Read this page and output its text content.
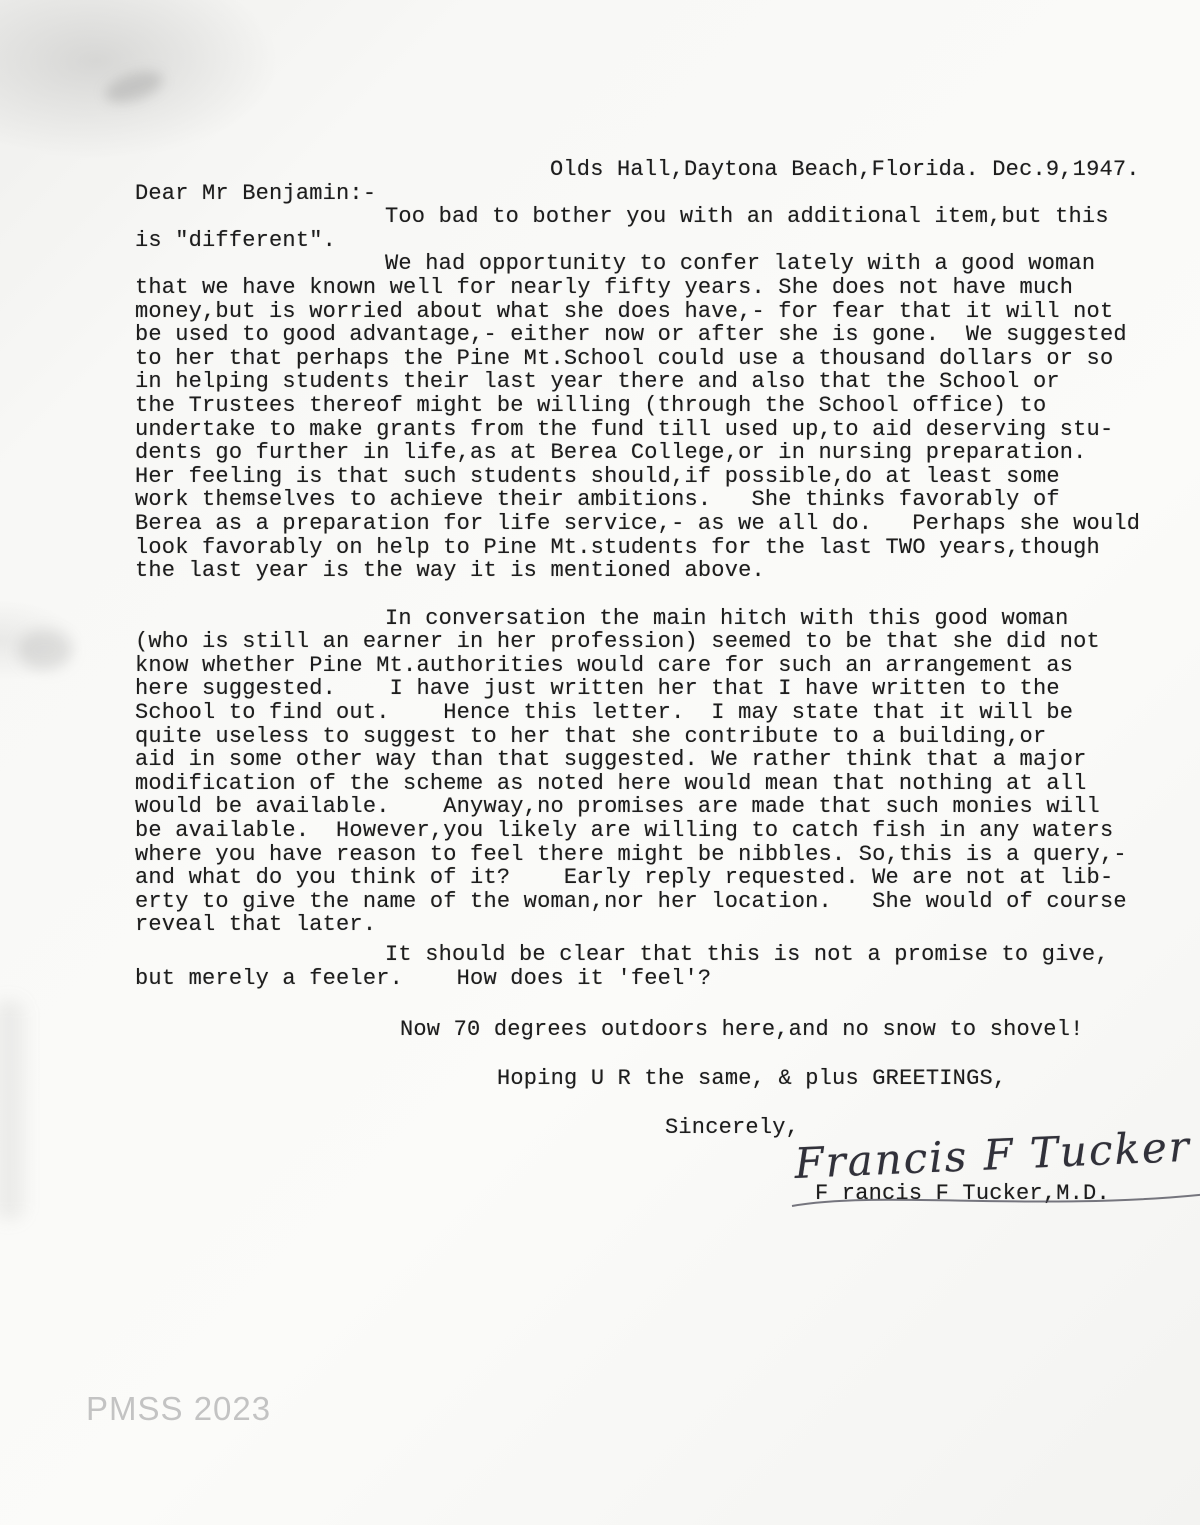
Olds Hall,Daytona Beach,Florida. Dec.9,1947.
Dear Mr Benjamin:-
Too bad to bother you with an additional item,but this
is "different".
We had opportunity to confer lately with a good woman
that we have known well for nearly fifty years. She does not have much
money,but is worried about what she does have,- for fear that it will not
be used to good advantage,- either now or after she is gone.  We suggested
to her that perhaps the Pine Mt.School could use a thousand dollars or so
in helping students their last year there and also that the School or
the Trustees thereof might be willing (through the School office) to
undertake to make grants from the fund till used up,to aid deserving stu-
dents go further in life,as at Berea College,or in nursing preparation.
Her feeling is that such students should,if possible,do at least some
work themselves to achieve their ambitions.   She thinks favorably of
Berea as a preparation for life service,- as we all do.   Perhaps she would
look favorably on help to Pine Mt.students for the last TWO years,though
the last year is the way it is mentioned above.
In conversation the main hitch with this good woman
(who is still an earner in her profession) seemed to be that she did not
know whether Pine Mt.authorities would care for such an arrangement as
here suggested.    I have just written her that I have written to the
School to find out.    Hence this letter.  I may state that it will be
quite useless to suggest to her that she contribute to a building,or
aid in some other way than that suggested. We rather think that a major
modification of the scheme as noted here would mean that nothing at all
would be available.    Anyway,no promises are made that such monies will
be available.  However,you likely are willing to catch fish in any waters
where you have reason to feel there might be nibbles. So,this is a query,-
and what do you think of it?    Early reply requested. We are not at lib-
erty to give the name of the woman,nor her location.   She would of course
reveal that later.
It should be clear that this is not a promise to give,
but merely a feeler.    How does it 'feel'?
Now 70 degrees outdoors here,and no snow to shovel!
Hoping U R the same, & plus GREETINGS,
Sincerely,
Francis F Tucker
F rancis F Tucker,M.D.
PMSS 2023
